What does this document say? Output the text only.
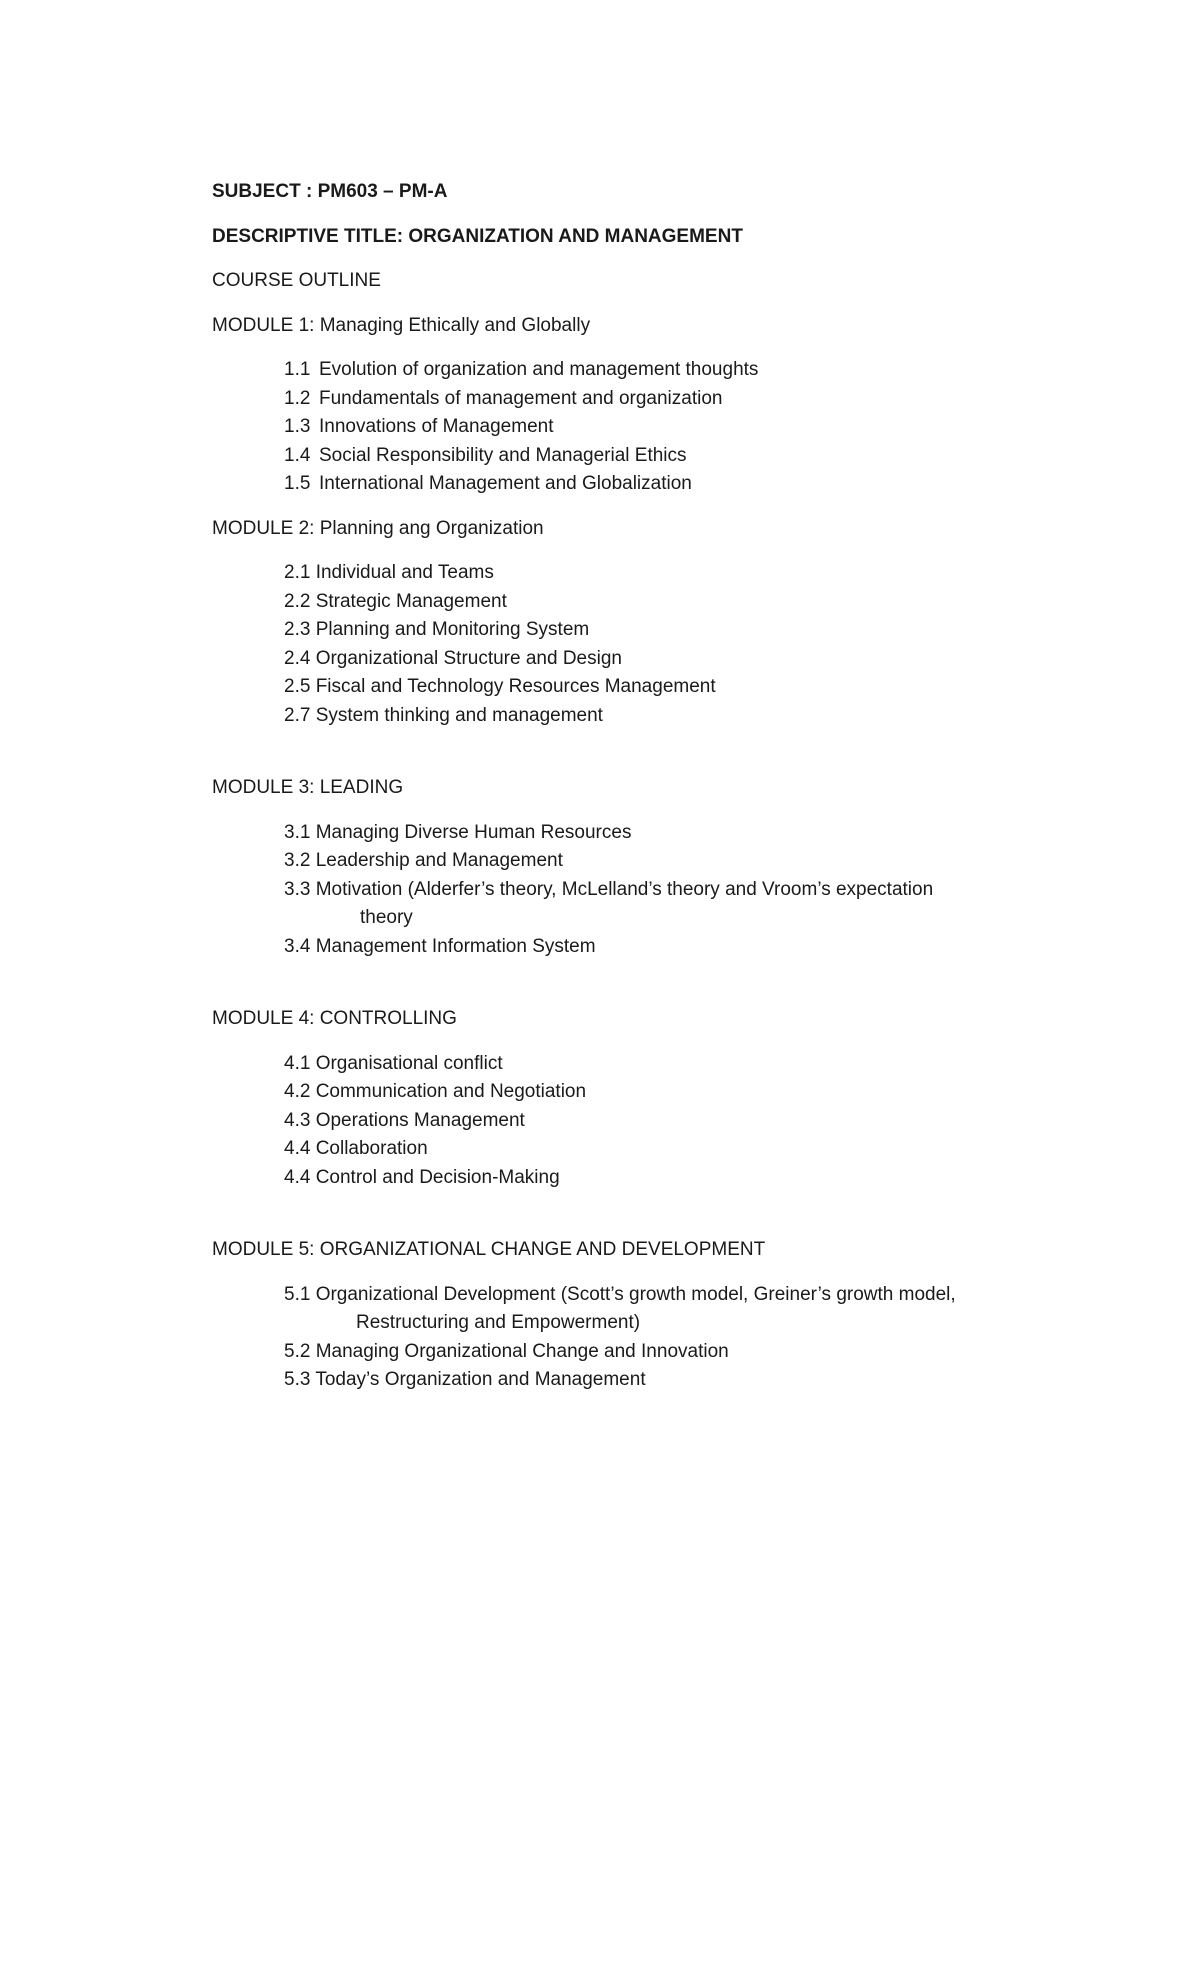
SUBJECT : PM603 – PM-A

DESCRIPTIVE TITLE: ORGANIZATION AND MANAGEMENT

COURSE OUTLINE

MODULE 1: Managing Ethically and Globally

1.1 Evolution of organization and management thoughts

1.2 Fundamentals of management and organization

1.3 Innovations of Management

1.4 Social Responsibility and Managerial Ethics

1.5 International Management and Globalization

MODULE 2: Planning ang Organization

2.1 Individual and Teams

2.2 Strategic Management

2.3 Planning and Monitoring System

2.4 Organizational Structure and Design

2.5 Fiscal and Technology Resources Management

2.7 System thinking and management

MODULE 3: LEADING

3.1 Managing Diverse Human Resources

3.2 Leadership and Management

3.3 Motivation (Alderfer’s theory, McLelland’s theory and Vroom’s expectation
theory

3.4 Management Information System

MODULE 4: CONTROLLING

4.1 Organisational conflict

4.2 Communication and Negotiation

4.3 Operations Management

4.4 Collaboration

4.4 Control and Decision-Making

MODULE 5: ORGANIZATIONAL CHANGE AND DEVELOPMENT

5.1 Organizational Development (Scott’s growth model, Greiner’s growth model,
Restructuring and Empowerment)

5.2 Managing Organizational Change and Innovation

5.3 Today’s Organization and Management
